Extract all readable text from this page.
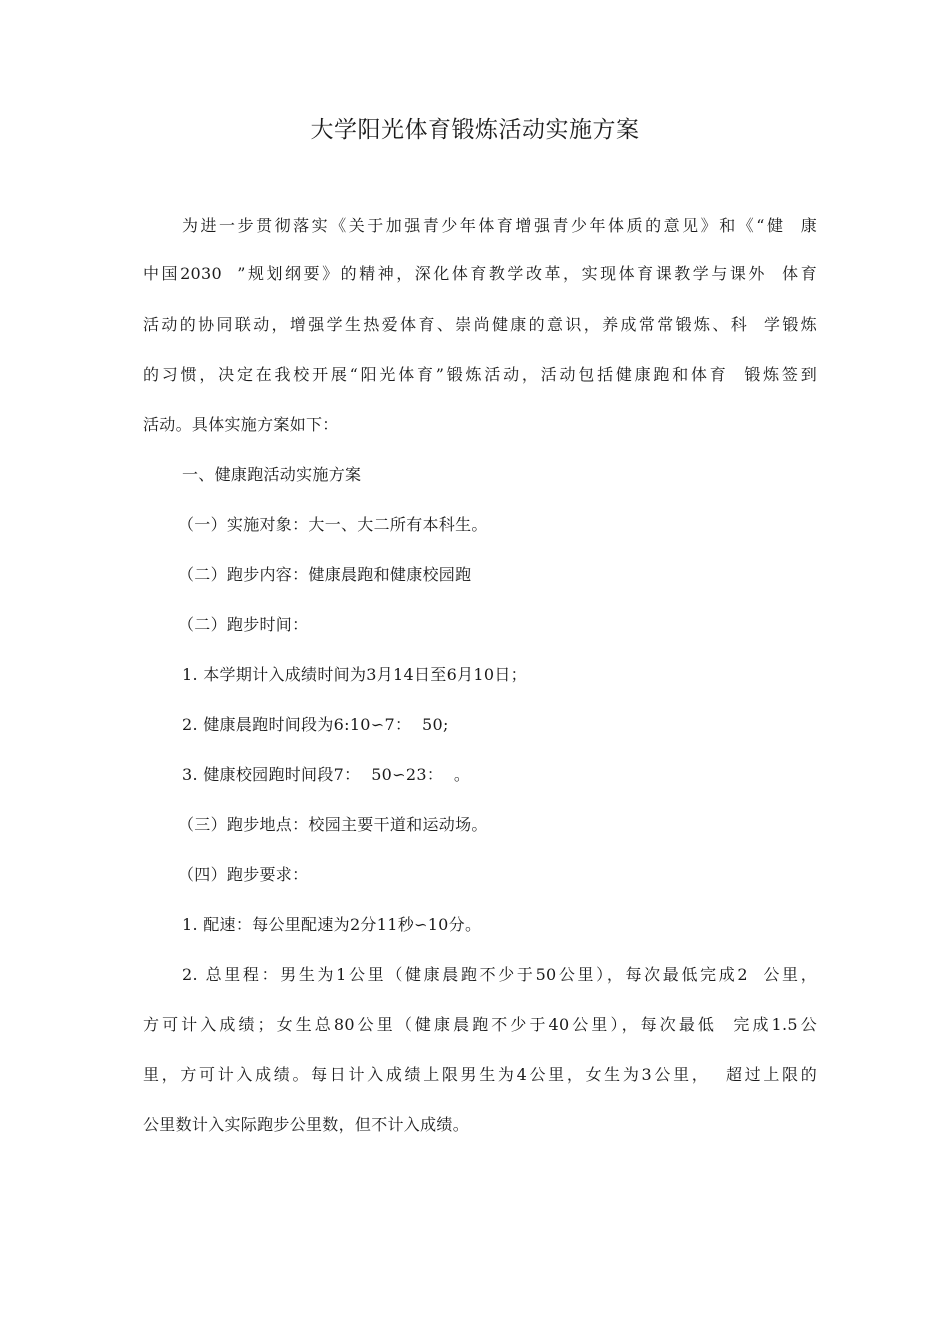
大学阳光体育锻炼活动实施方案
为进一步贯彻落实《关于加强青少年体育增强青少年体质的意见》和《“健  康
中国2030  ”规划纲要》的精神，深化体育教学改革，实现体育课教学与课外  体育
活动的协同联动，增强学生热爱体育、崇尚健康的意识，养成常常锻炼、科  学锻炼
的习惯，决定在我校开展“阳光体育”锻炼活动，活动包括健康跑和体育  锻炼签到
活动。具体实施方案如下：
一、健康跑活动实施方案
（一）实施对象：大一、大二所有本科生。
（二）跑步内容：健康晨跑和健康校园跑
（二）跑步时间：
1. 本学期计入成绩时间为3月14日至6月10日；
2. 健康晨跑时间段为6:10∽7：  50;
3. 健康校园跑时间段7：  50∽23：  。
（三）跑步地点：校园主要干道和运动场。
（四）跑步要求：
1. 配速：每公里配速为2分11秒∽10分。
2. 总里程：男生为1公里（健康晨跑不少于50公里），每次最低完成2  公里，
方可计入成绩；女生总80公里（健康晨跑不少于40公里），每次最低  完成1.5公
里，方可计入成绩。每日计入成绩上限男生为4公里，女生为3公里，  超过上限的
公里数计入实际跑步公里数，但不计入成绩。
